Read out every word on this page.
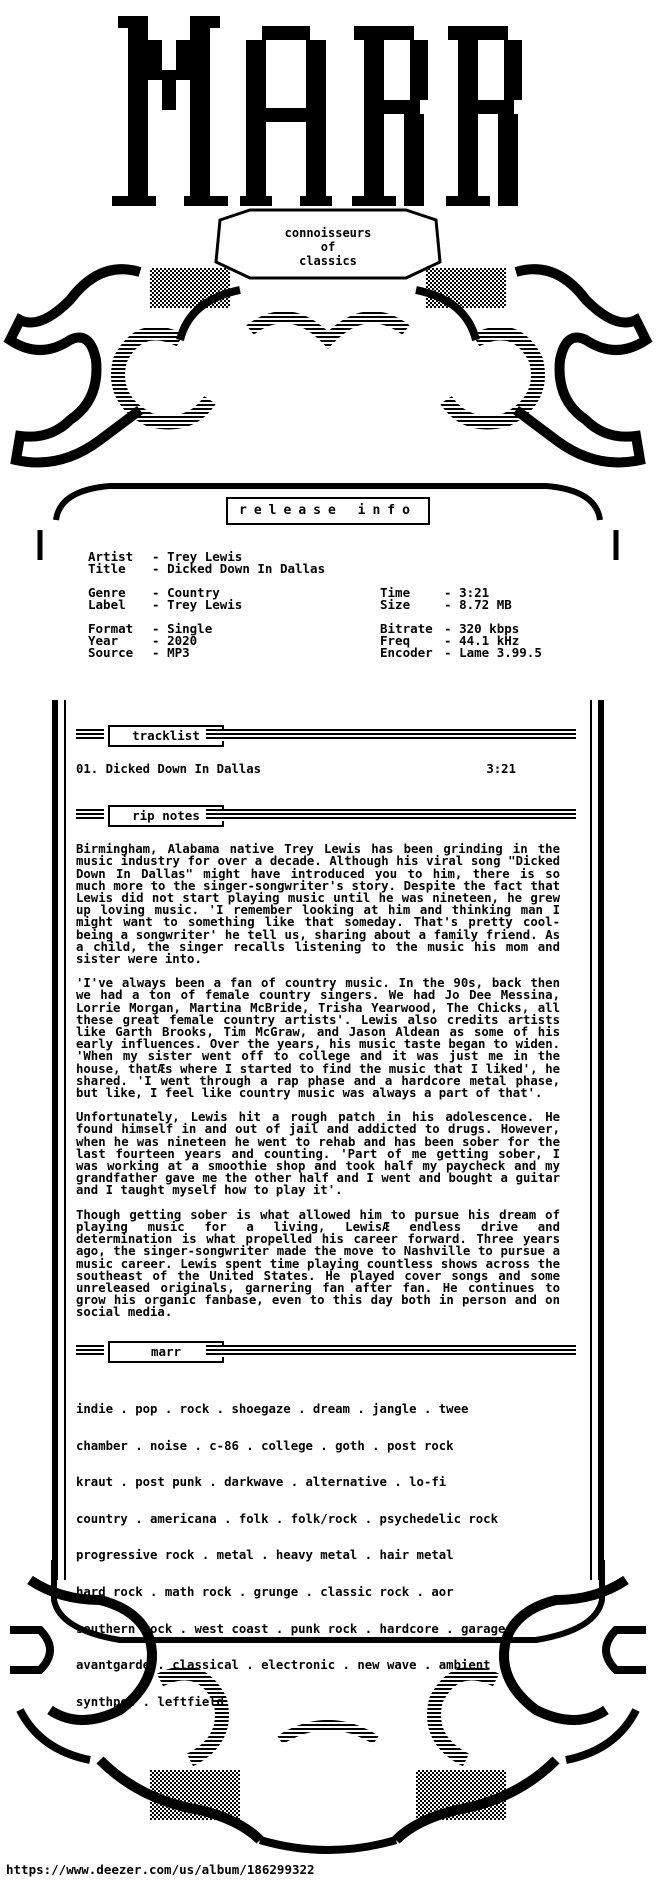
connoisseurs
of
classics
release info
Artist - Trey Lewis
Title - Dicked Down In Dallas
Genre - Country
Label - Trey Lewis
Format - Single
Year	- 2020
Source - MP3
Time	- 3:21
Size	- 8.72 MB
Bitrate - 320 kbps
Freq	- 44.1 kHz
Encoder - Lame 3.99.5
tracklist
01. Dicked Down In Dallas	3:21
rip notes

Birmingham, Alabama native Trey Lewis has been grinding in the music industry for over a decade. Although his viral song "Dicked Down In Dallas" might have introduced you to him, there is so much more to the singer-songwriter's story. Despite the fact that Lewis did not start playing music until he was nineteen, he grew up loving music. 'I remember looking at him and thinking man I might want to something like that someday. That's pretty cool- being a songwriter' he tell us, sharing about a family friend. As a child, the singer recalls listening to the music his mom and sister were into.

'I've always been a fan of country music. In the 90s, back then we had a ton of female country singers. We had Jo Dee Messina, Lorrie Morgan, Martina McBride, Trisha Yearwood, The Chicks, all these great female country artists'. Lewis also credits artists like Garth Brooks, Tim McGraw, and Jason Aldean as some of his early influences. Over the years, his music taste began to widen. 'When my sister went off to college and it was just me in the house, thatÆs where I started to find the music that I liked', he shared. 'I went through a rap phase and a hardcore metal phase, but like, I feel like country music was always a part of that'.

Unfortunately, Lewis hit a rough patch in his adolescence. He found himself in and out of jail and addicted to drugs. However, when he was nineteen he went to rehab and has been sober for the last fourteen years and counting. 'Part of me getting sober, I was working at a smoothie shop and took half my paycheck and my grandfather gave me the other half and I went and bought a guitar and I taught myself how to play it'.

Though getting sober is what allowed him to pursue his dream of playing music for a living, LewisÆ endless drive and determination is what propelled his career forward. Three years ago, the singer-songwriter made the move to Nashville to pursue a music career. Lewis spent time playing countless shows across the southeast of the United States. He played cover songs and some unreleased originals, garnering fan after fan. He continues to grow his organic fanbase, even to this day both in person and on social media.

marr

indie . pop . rock . shoegaze . dream . jangle . twee

chamber . noise . c-86 . college . goth . post rock

kraut . post punk . darkwave . alternative . lo-fi

country . americana . folk . folk/rock . psychedelic rock

progressive rock . metal . heavy metal . hair metal

hard rock . math rock . grunge . classic rock . aor

southern rock . west coast . punk rock . hardcore . garage

avantgarde . classical . electronic . new wave . ambient

synthpop . leftfield

https://www.deezer.com/us/album/186299322
